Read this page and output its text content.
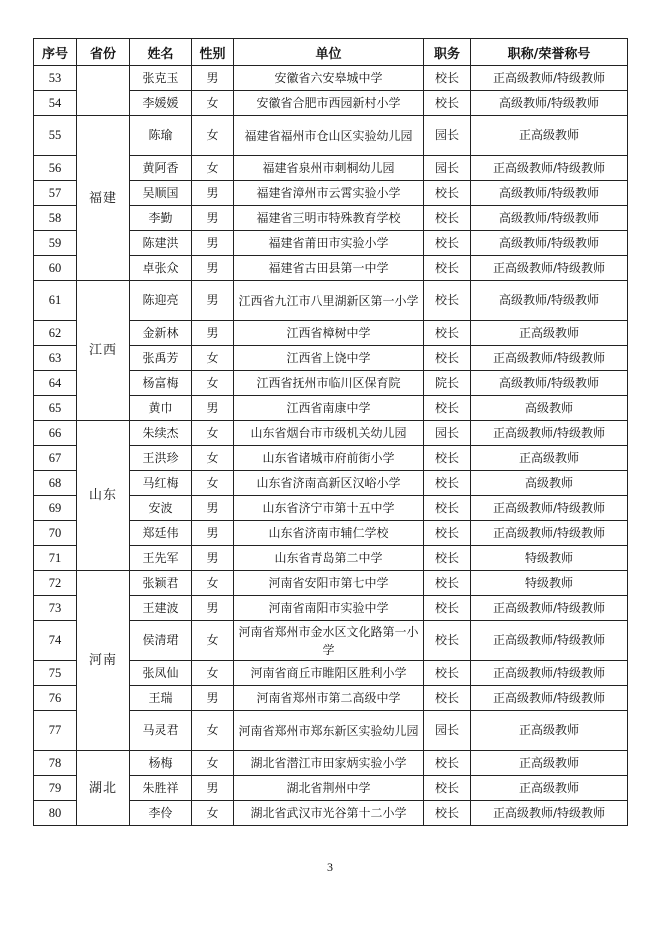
序号	省份	姓名	性别	单位	职务	职称/荣誉称号
53		张克玉	男	安徽省六安皋城中学	校长	正高级教师/特级教师
54		李媛媛	女	安徽省合肥市西园新村小学	校长	高级教师/特级教师
55	福建	陈瑜	女	福建省福州市仓山区实验幼儿园	园长	正高级教师
56		黄阿香	女	福建省泉州市刺桐幼儿园	园长	正高级教师/特级教师
57		吴顺国	男	福建省漳州市云霄实验小学	校长	高级教师/特级教师
58		李勤	男	福建省三明市特殊教育学校	校长	高级教师/特级教师
59		陈建洪	男	福建省莆田市实验小学	校长	高级教师/特级教师
60		卓张众	男	福建省古田县第一中学	校长	正高级教师/特级教师
61	江西	陈迎亮	男	江西省九江市八里湖新区第一小学	校长	高级教师/特级教师
62		金新林	男	江西省樟树中学	校长	正高级教师
63		张禹芳	女	江西省上饶中学	校长	正高级教师/特级教师
64		杨富梅	女	江西省抚州市临川区保育院	院长	高级教师/特级教师
65		黄巾	男	江西省南康中学	校长	高级教师
66	山东	朱续杰	女	山东省烟台市市级机关幼儿园	园长	正高级教师/特级教师
67		王洪珍	女	山东省诸城市府前街小学	校长	正高级教师
68		马红梅	女	山东省济南高新区汉峪小学	校长	高级教师
69		安波	男	山东省济宁市第十五中学	校长	正高级教师/特级教师
70		郑廷伟	男	山东省济南市辅仁学校	校长	正高级教师/特级教师
71		王先军	男	山东省青岛第二中学	校长	特级教师
72	河南	张颖君	女	河南省安阳市第七中学	校长	特级教师
73		王建波	男	河南省南阳市实验中学	校长	正高级教师/特级教师
74		侯清珺	女	河南省郑州市金水区文化路第一小学	校长	正高级教师/特级教师
75		张凤仙	女	河南省商丘市睢阳区胜利小学	校长	正高级教师/特级教师
76		王瑞	男	河南省郑州市第二高级中学	校长	正高级教师/特级教师
77		马灵君	女	河南省郑州市郑东新区实验幼儿园	园长	正高级教师
78	湖北	杨梅	女	湖北省潜江市田家炳实验小学	校长	正高级教师
79		朱胜祥	男	湖北省荆州中学	校长	正高级教师
80		李伶	女	湖北省武汉市光谷第十二小学	校长	正高级教师/特级教师
3
